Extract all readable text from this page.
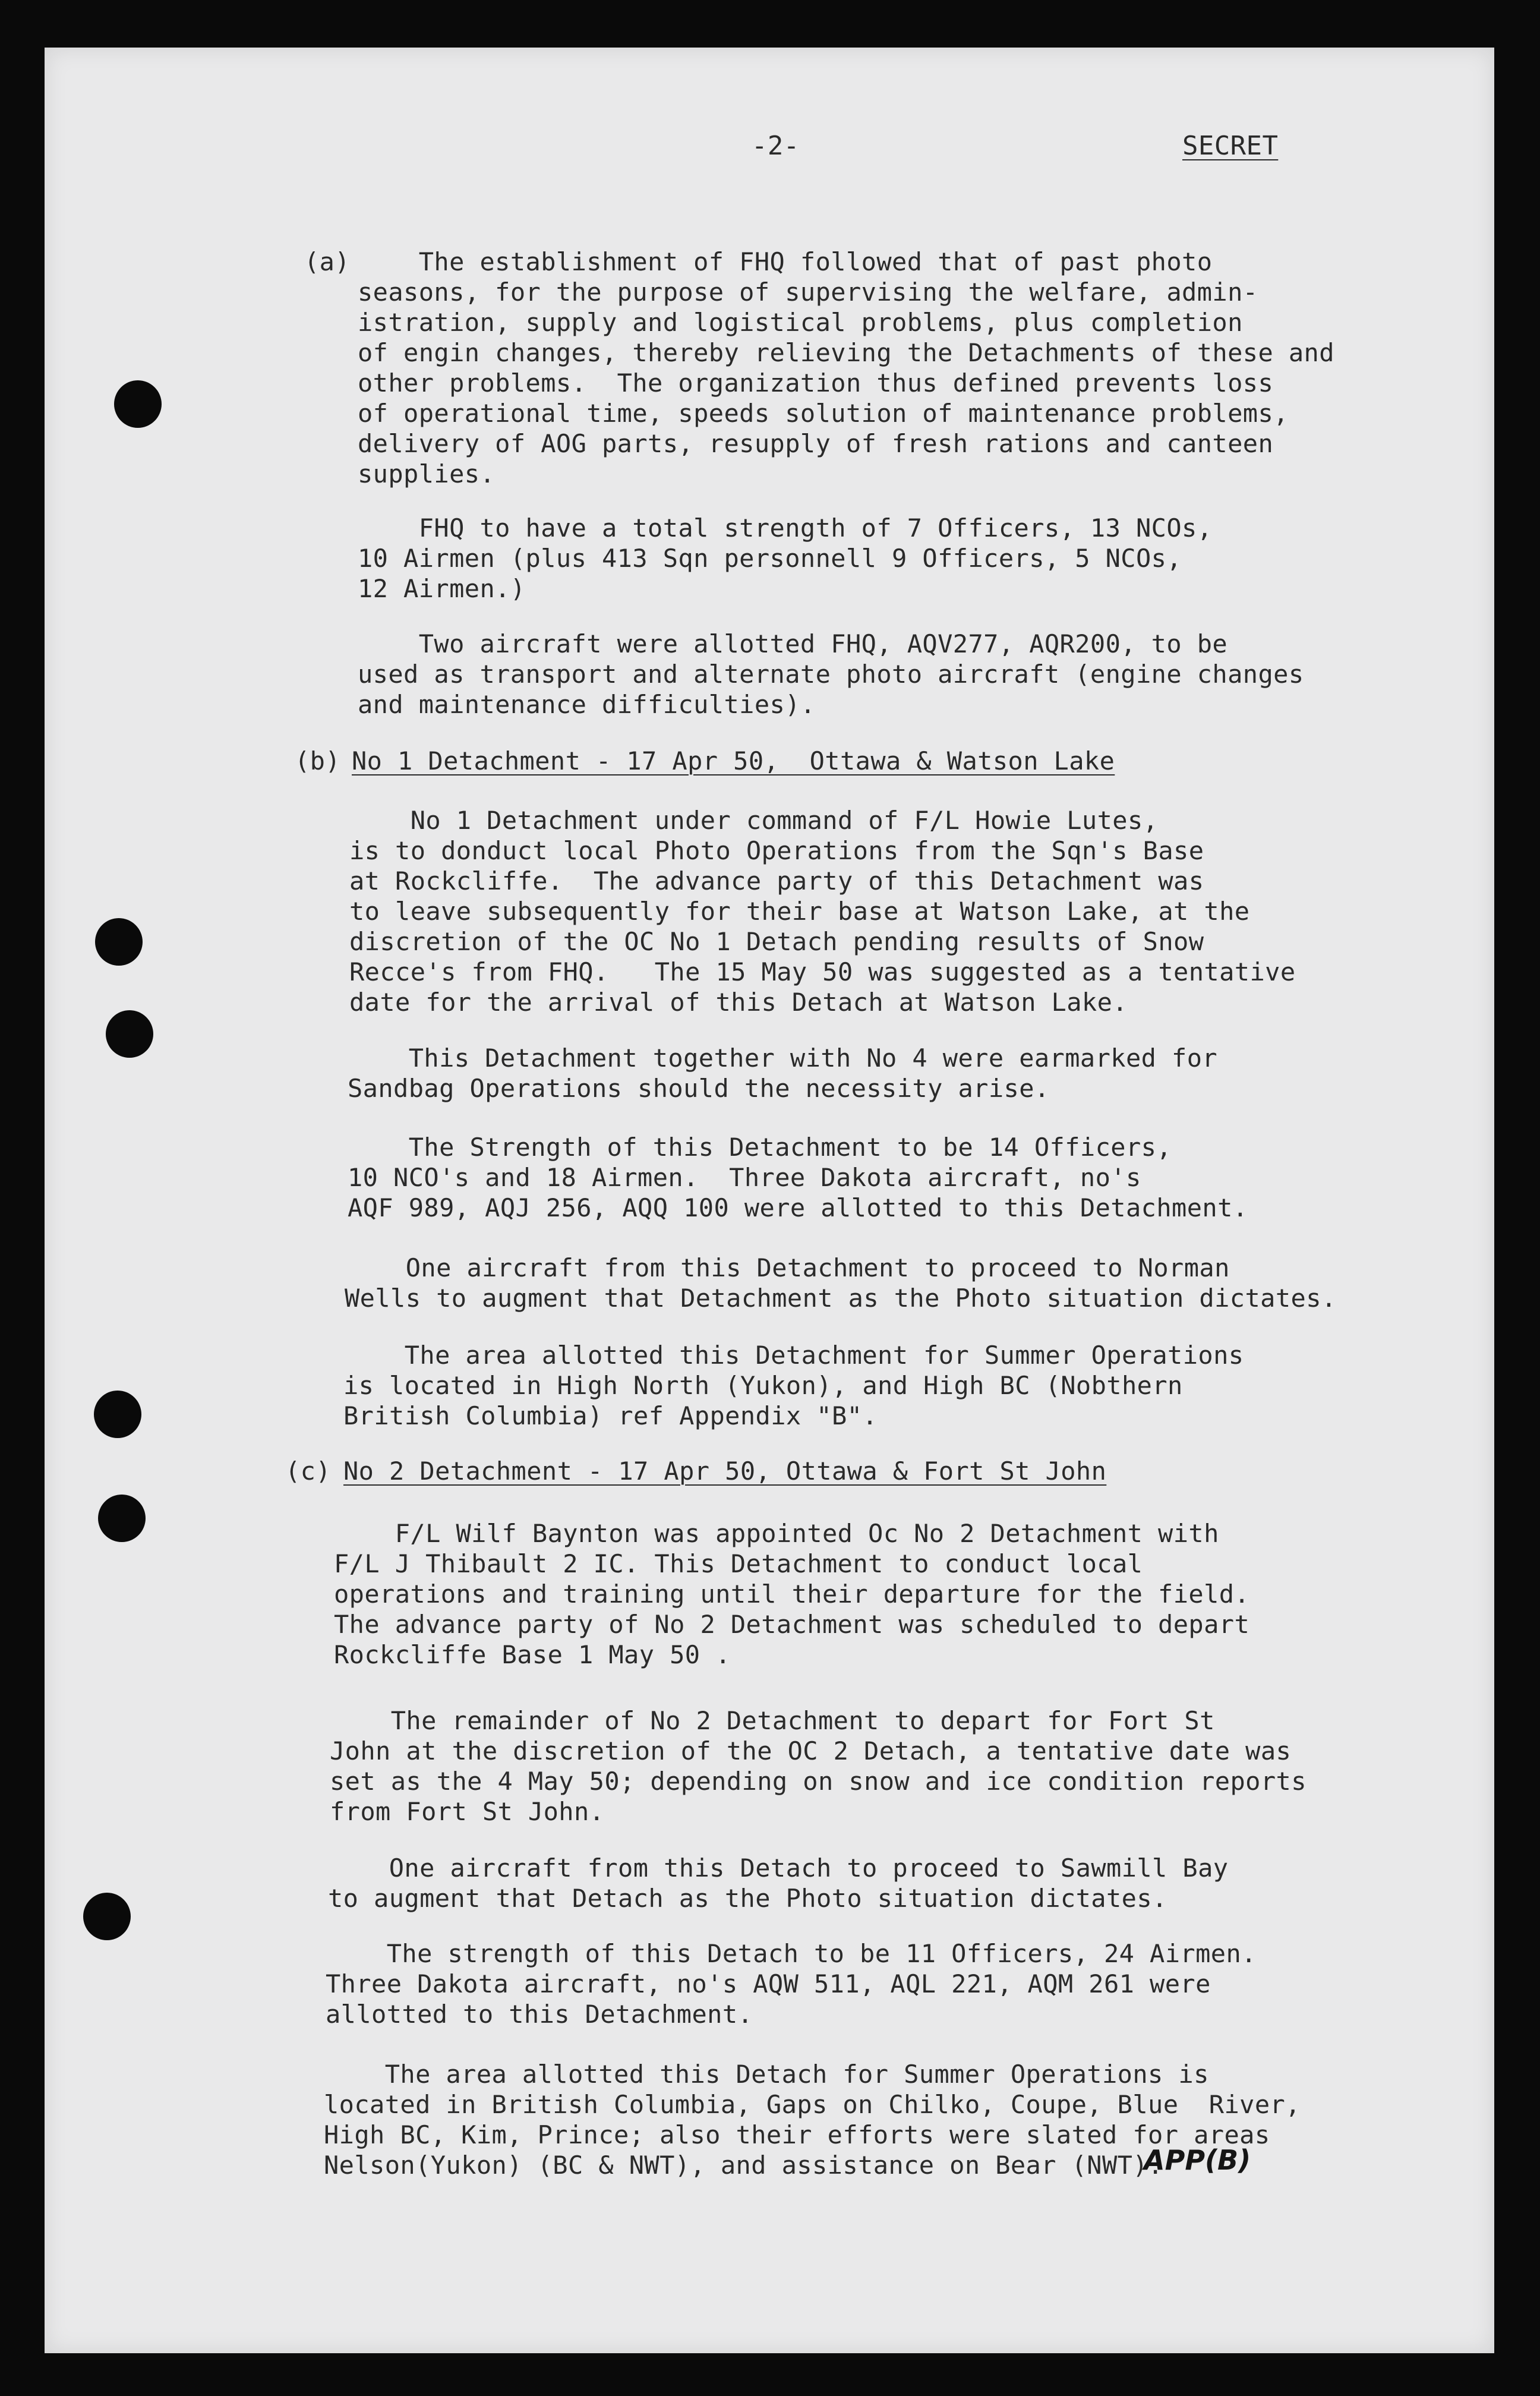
-2-	SECRET
(a)	The establishment of FHQ followed that of past photo
seasons, for the purpose of supervising the welfare, admin-
istration, supply and logistical problems, plus completion
of engin changes, thereby relieving the Detachments of these and
other problems.  The organization thus defined prevents loss
of operational time, speeds solution of maintenance problems,
delivery of AOG parts, resupply of fresh rations and canteen
supplies.
FHQ to have a total strength of 7 Officers, 13 NCOs,
10 Airmen (plus 413 Sqn personnell 9 Officers, 5 NCOs,
12 Airmen.)
Two aircraft were allotted FHQ, AQV277, AQR200, to be
used as transport and alternate photo aircraft (engine changes
and maintenance difficulties).
(b) No 1 Detachment - 17 Apr 50,  Ottawa & Watson Lake
No 1 Detachment under command of F/L Howie Lutes,
is to donduct local Photo Operations from the Sqn's Base
at Rockcliffe.  The advance party of this Detachment was
to leave subsequently for their base at Watson Lake, at the
discretion of the OC No 1 Detach pending results of Snow
Recce's from FHQ.   The 15 May 50 was suggested as a tentative
date for the arrival of this Detach at Watson Lake.
This Detachment together with No 4 were earmarked for
Sandbag Operations should the necessity arise.
The Strength of this Detachment to be 14 Officers,
10 NCO's and 18 Airmen.  Three Dakota aircraft, no's
AQF 989, AQJ 256, AQQ 100 were allotted to this Detachment.
One aircraft from this Detachment to proceed to Norman
Wells to augment that Detachment as the Photo situation dictates.
The area allotted this Detachment for Summer Operations
is located in High North (Yukon), and High BC (Nobthern
British Columbia) ref Appendix "B".
(c) No 2 Detachment - 17 Apr 50, Ottawa & Fort St John
F/L Wilf Baynton was appointed Oc No 2 Detachment with
F/L J Thibault 2 IC. This Detachment to conduct local
operations and training until their departure for the field.
The advance party of No 2 Detachment was scheduled to depart
Rockcliffe Base 1 May 50 .
The remainder of No 2 Detachment to depart for Fort St
John at the discretion of the OC 2 Detach, a tentative date was
set as the 4 May 50; depending on snow and ice condition reports
from Fort St John.
One aircraft from this Detach to proceed to Sawmill Bay
to augment that Detach as the Photo situation dictates.
The strength of this Detach to be 11 Officers, 24 Airmen.
Three Dakota aircraft, no's AQW 511, AQL 221, AQM 261 were
allotted to this Detachment.
The area allotted this Detach for Summer Operations is
located in British Columbia, Gaps on Chilko, Coupe, Blue  River,
High BC, Kim, Prince; also their efforts were slated for areas
Nelson(Yukon) (BC & NWT), and assistance on Bear (NWT).
APP(B)
